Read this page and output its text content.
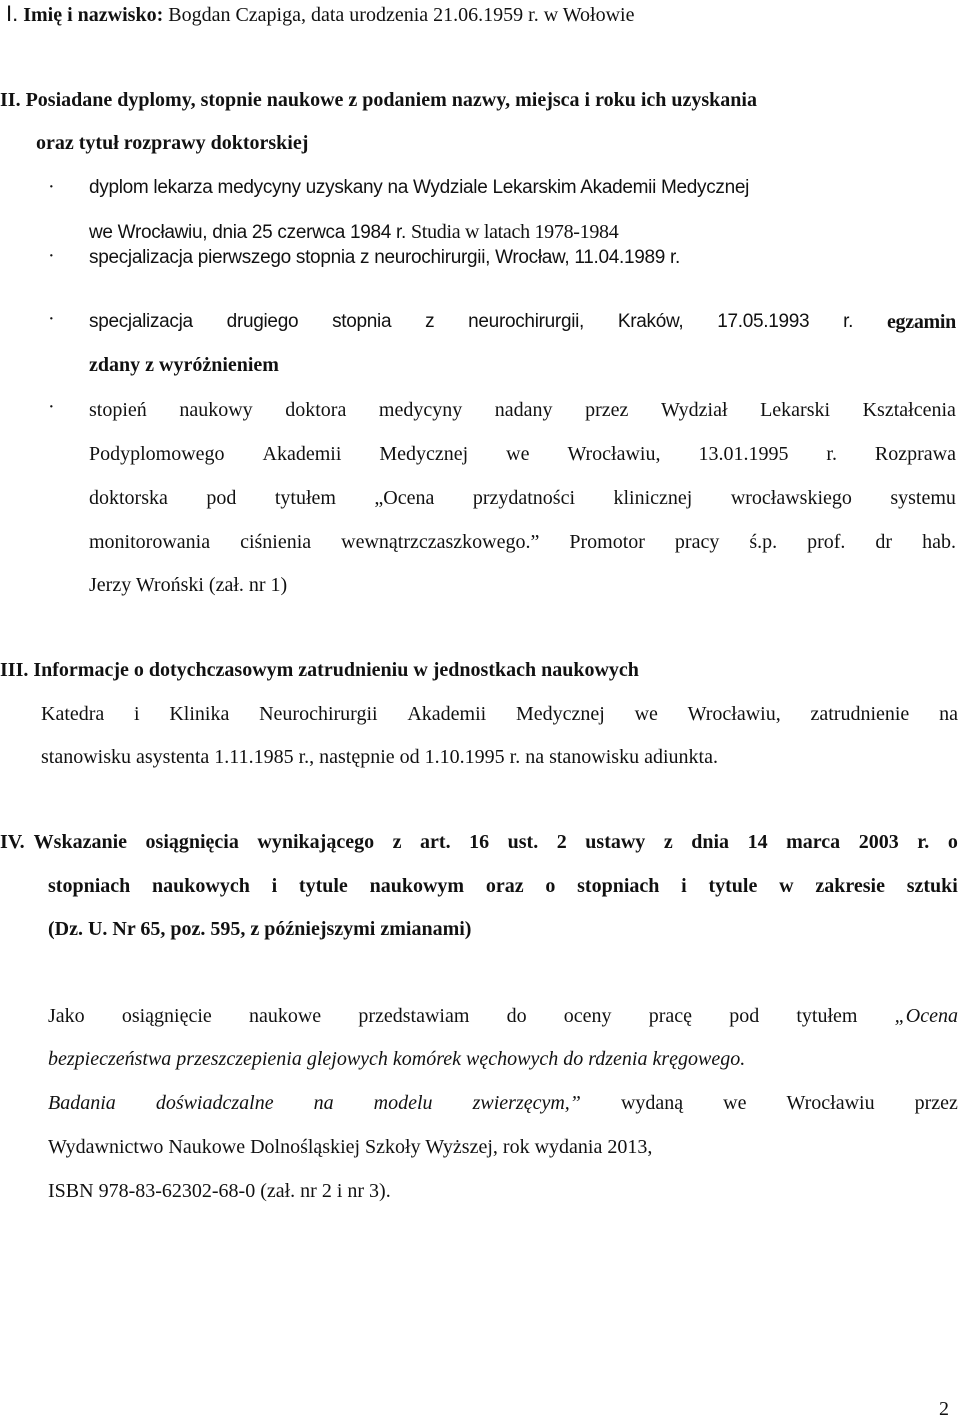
I. Imię i nazwisko: Bogdan Czapiga, data urodzenia 21.06.1959 r. w Wołowie
II. Posiadane dyplomy, stopnie naukowe z podaniem nazwy, miejsca i roku ich uzyskania
oraz tytuł rozprawy doktorskiej
· dyplom lekarza medycyny uzyskany na Wydziale Lekarskim Akademii Medycznej
we Wrocławiu, dnia 25 czerwca 1984 r. Studia w latach 1978-1984
· specjalizacja pierwszego stopnia z neurochirurgii, Wrocław, 11.04.1989 r.
· specjalizacja drugiego stopnia z neurochirurgii, Kraków, 17.05.1993 r. egzamin
zdany z wyróżnieniem
· stopień naukowy doktora medycyny nadany przez Wydział Lekarski Kształcenia
Podyplomowego Akademii Medycznej we Wrocławiu, 13.01.1995 r. Rozprawa
doktorska pod tytułem „Ocena przydatności klinicznej wrocławskiego systemu
monitorowania ciśnienia wewnątrzczaszkowego.” Promotor pracy ś.p. prof. dr hab.
Jerzy Wroński (zał. nr 1)
III. Informacje o dotychczasowym zatrudnieniu w jednostkach naukowych
Katedra i Klinika Neurochirurgii Akademii Medycznej we Wrocławiu, zatrudnienie na
stanowisku asystenta 1.11.1985 r., następnie od 1.10.1995 r. na stanowisku adiunkta.
IV. Wskazanie osiągnięcia wynikającego z art. 16 ust. 2 ustawy z dnia 14 marca 2003 r. o
stopniach naukowych i tytule naukowym oraz o stopniach i tytule w zakresie sztuki
(Dz. U. Nr 65, poz. 595, z późniejszymi zmianami)
Jako osiągnięcie naukowe przedstawiam do oceny pracę pod tytułem „Ocena
bezpieczeństwa przeszczepienia glejowych komórek węchowych do rdzenia kręgowego.
Badania doświadczalne na modelu zwierzęcym,” wydaną we Wrocławiu przez
Wydawnictwo Naukowe Dolnośląskiej Szkoły Wyższej, rok wydania 2013,
ISBN 978-83-62302-68-0 (zał. nr 2 i nr 3).
2
